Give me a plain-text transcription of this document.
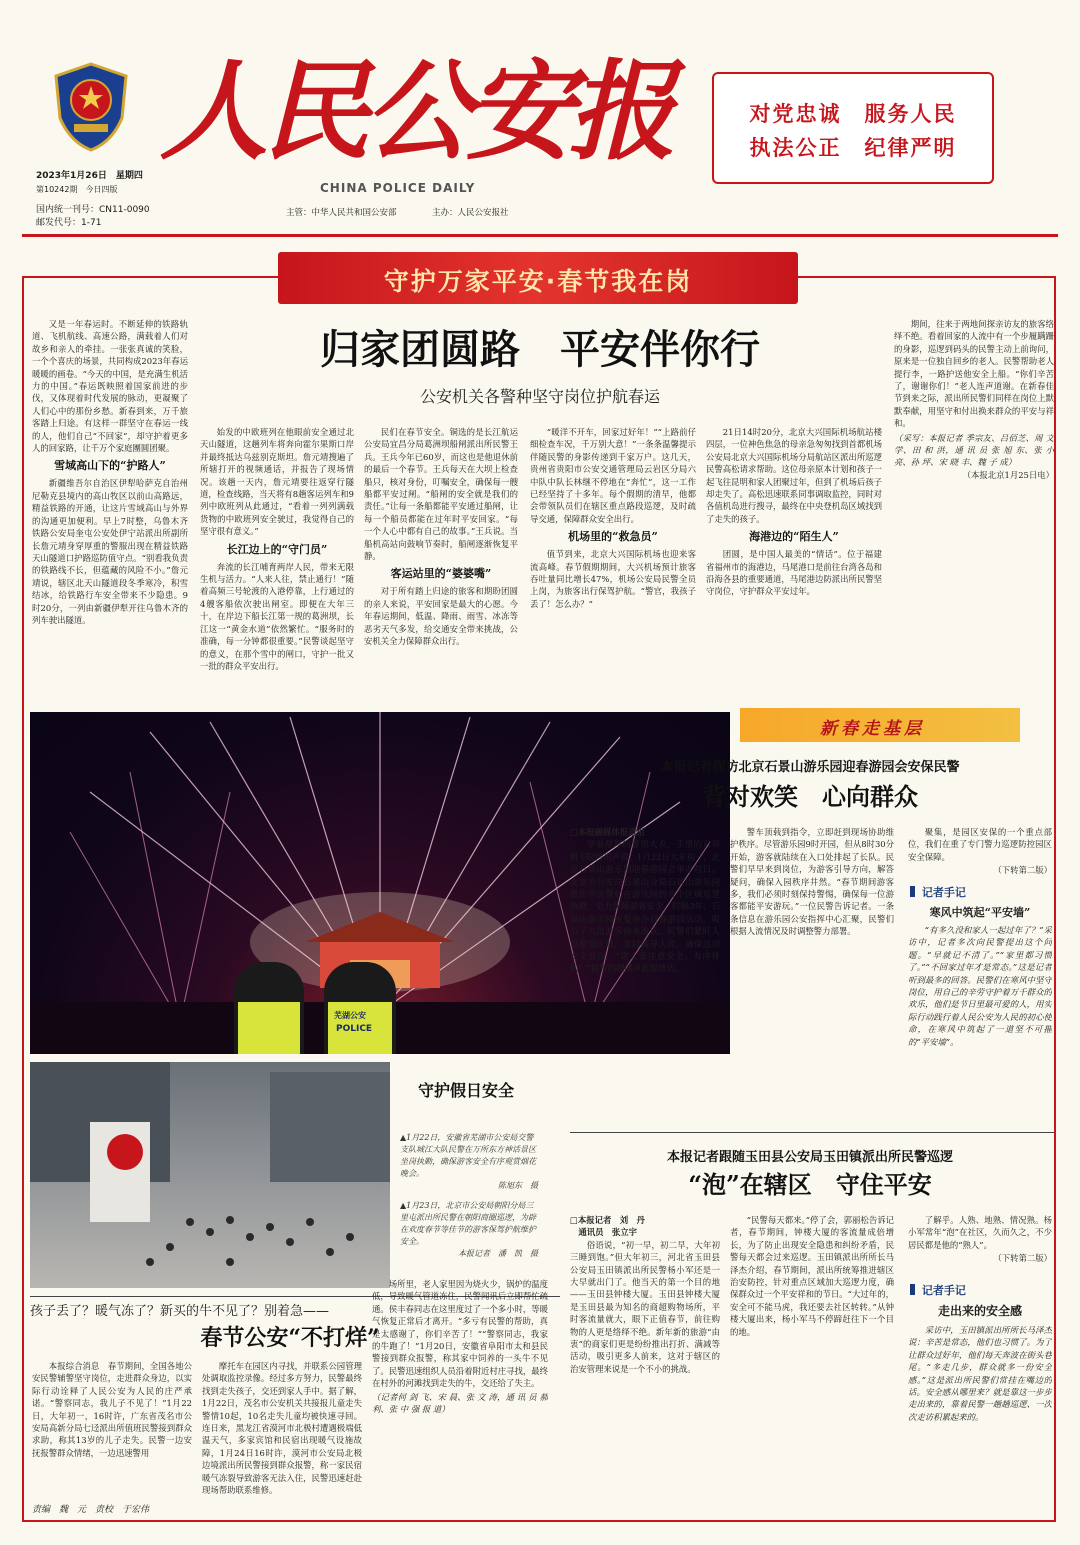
人民公安报
CHINA POLICE DAILY
2023年1月26日　星期四
第10242期　今日四版
国内统一刊号：CN11-0090
邮发代号：1-71
主管：中华人民共和国公安部	主办：人民公安报社
对党忠诚　服务人民
执法公正　纪律严明
守护万家平安·春节我在岗
归家团圆路　平安伴你行
公安机关各警种坚守岗位护航春运

又是一年春运时。不断延伸的铁路轨道、飞机航线、高速公路，满载着人们对故乡和亲人的牵挂。一张张真诚的笑脸，一个个喜庆的场景，共同构成2023年春运暖暖的画卷。“今天的中国，是充满生机活力的中国。”春运既映照着国家前进的步伐，又体现着时代发展的脉动，更凝聚了人们心中的那份乡愁。新春到来，万千旅客踏上归途。有这样一群坚守在春运一线的人，他们自己“不回家”，却守护着更多人的回家路，让千万个家庭團圆团聚。

雪域高山下的“护路人”

新疆维吾尔自治区伊犁哈萨克自治州尼勒克县境内的高山牧区以前山高路远，精益铁路的开通，让这片雪域高山与外界的沟通更加便利。早上7时整，乌鲁木齐铁路公安局奎屯公安处伊宁站派出所副所长詹元靖身穿厚重的警服出现在精益铁路天山隧道口护路巡防值守点。“别看我负责的铁路线不长，但蕴藏的风险不小。”詹元靖说，辖区北天山隧道段冬季寒冷，积雪结冰，给铁路行车安全带来不少隐患。9时20分，一列由新疆伊犁开往乌鲁木齐的列车驶出隧道。

始发的中欧班列在他眼前安全通过北天山隧道，这趟列车将奔向霍尔果斯口岸并最终抵达乌兹别克斯坦。詹元靖搜遍了所辖打开的视频通话，并报告了现场情况。该趟一天内，詹元靖要往返穿行隧道，检查线路，当天将有8趟客运列车和9列中欧班列从此通过，“看着一列列满载货物的中欧班列安全驶过，我觉得自己的坚守很有意义。”

长江边上的“守门员”

奔流的长江哺育两岸人民，带来无限生机与活力。“人来人往，禁止通行！”随着高频三号轮渡的入港停靠，上行通过的4艘客船依次驶出闸室。即便在大年三十，在岸边下船长江第一规的葛洲坝，长江这一“黄金水道”依然繁忙。“服务时的准确，每一分钟都很重要。”民警谈起坚守的意义，在那个雪中的闸口，守护一批又一批的群众平安出行。

民们在春节安全。铜选的是长江航运公安局宜昌分局葛洲坝船闸派出所民警王兵。王兵今年已60岁，而这也是他退休前的最后一个春节。王兵每天在大坝上检查船只，核对身份，叮嘱安全，确保每一艘船都平安过闸。“船闸的安全就是我们的责任。”让每一条船都能平安通过船闸，让每一个船员都能在过年时平安回家。“每一个人心中都有自己的故事。”王兵说。当船机高站向鼓响节奏时，船闸逐渐恢复平静。

客运站里的“婆婆嘴”

对于所有踏上归途的旅客和期盼团圆的亲人来说，平安回家是最大的心愿。今年春运期间，低温、降雨、雨雪、冰冻等恶劣天气多发，给交通安全带来挑战，公安机关全力保障群众出行。

“暖洋不开车，回家过好年！”“上路前仔细检查车况，千万别大意！”一条条温馨提示伴随民警的身影传递到千家万户。这几天，贵州省贵阳市公安交通管理局云岩区分局六中队中队长林继不停地在“奔忙”，这一工作已经坚持了十多年。每个假期的清早，他都会带领队员们在辖区重点路段巡逻，及时疏导交通，保障群众安全出行。

机场里的“救急员”

值节到来，北京大兴国际机场也迎来客流高峰。春节假期期间，大兴机场预计旅客吞吐量同比增长47%，机场公安局民警全员上岗，为旅客出行保驾护航。“警官，我孩子丢了！怎么办？”

21日14时20分，北京大兴国际机场航站楼四层，一位神色焦急的母亲急匆匆找到首都机场公安局北京大兴国际机场分局航站区派出所巡逻民警高松请求帮助。这位母亲原本计划和孩子一起飞往昆明和家人团聚过年，但到了机场后孩子却走失了。高松迅速联系同事调取监控，同时对各值机岛进行搜寻，最终在中央登机岛区域找到了走失的孩子。

海港边的“陌生人”

团圆，是中国人最美的“情话”。位于福建省福州市的海港边，马尾港口是前往台湾各岛和沿海各县的重要通道，马尾港边防派出所民警坚守岗位，守护群众平安过年。

期间，往来于两地间探亲访友的旅客络绎不绝。看着回家的人流中有一个步履蹒跚的身影，巡逻到码头的民警主动上前询问，原来是一位独自回乡的老人。民警帮助老人提行李，一路护送他安全上船。“你们辛苦了，谢谢你们！”老人连声道谢。在新春佳节到来之际，派出所民警们同样在岗位上默默奉献，用坚守和付出换来群众的平安与祥和。

（采写：本报记者 季宗友、吕佰芝、周 文 学、田 和 洪，通 讯 员 张 旭 东、张 小 亮、孙 坪、宋 晓 丰、魏 子 成）
（本报北京1月25日电）
芜湖公安
POLICE
守护假日安全
▲1月22日，安徽省芜湖市公安局交警支队城江大队民警在万所东方神话景区坐岗执勤，确保游客安全有序观赏烟花晚会。
陈旭东　摄
▲1月23日，北京市公安局朝阳分局三里屯派出所民警在朝阳商圈巡逻，为辟在欢度春节等佳节的游客保驾护航维护安全。
本报记者　潘　凯　摄
孩子丢了？暖气冻了？新买的牛不见了？别着急——
春节公安“不打烊”

本报综合消息　春节期间，全国各地公安民警辅警坚守岗位，走进群众身边，以实际行动诠释了人民公安为人民的庄严承诺。“警察同志，我儿子不见了！”1月22日，大年初一，16时许，广东省茂名市公安局高新分局七迳派出所值班民警接到群众求助，称其13岁的儿子走失。民警一边安抚报警群众情绪，一边迅速警用

摩托车在园区内寻找，并联系公园管理处调取监控录像。经过多方努力，民警最终找到走失孩子，交还到家人手中。据了解，1月22日，茂名市公安机关共接报儿童走失警情10起，10名走失儿童均被快速寻回。连日来，黑龙江省漠河市北极村遭遇极端低温天气，多家宾馆和民宿出现暖气设施故障，1月24日16时许，漠河市公安局北极边境派出所民警接到群众报警，称一家民宿暖气冻裂导致游客无法入住，民警迅速赶赴现场帮助联系维修。

场所里，老人家里因为烧火少，锅炉的温度低，导致暖气管道冻住，民警闻讯后立即帮忙疏通。侯丰春同志在这里度过了一个多小时，等暖气恢复正常后才离开。“多亏有民警的帮助，真是太感谢了，你们辛苦了！”“警察同志，我家的牛跑了！”1月20日，安徽省阜阳市太和县民警接到群众报警，称其家中饲养的一头牛不见了。民警迅速组织人员沿着附近村庄寻找，最终在村外的河滩找到走失的牛，交还给了失主。

（记者何 剑 飞、宋 晨、张 文 涛，通 讯 员 郝 利、张 中 强 报 道）
责编　魏　元　责校　于宏伟
新春走基层
本报记者探访北京石景山游乐园迎春游园会安保民警
背对欢笑　心向群众
□本报融媒体报道组

穿着厚厚的警用大衣，手里的对讲机不时传出声音。1月22日大年初一，北京石景山游乐园迎春游园会举办首日，北京市公安局石景山分局石景山游乐园派出所民警们在游乐园的各个区域巡逻执勤，全力保障游客安全。时隔3年，石景山游乐园恢复举办迎春游园活动，吸引了大批游客前来游玩。民警们紧盯人员密集区域，及时疏导人流，确保活动安全有序。“请大家注意安全，有序排队！”民警的提醒声此起彼伏。

警车顶载到指令，立即赶到现场协助维护秩序。尽管游乐园9时开园，但从8时30分开始，游客就陆续在入口处排起了长队。民警们早早来到岗位，为游客引导方向，解答疑问，确保入园秩序井然。“春节期间游客多，我们必须时刻保持警惕，确保每一位游客都能平安游玩。”一位民警告诉记者。一条条信息在游乐园公安指挥中心汇聚，民警们根据人流情况及时调整警力部署。

聚集，是园区安保的一个重点部位，我们在重了专门警力巡逻防控园区安全保障。

（下转第二版）
记者手记
寒风中筑起“平安墙”

“有多久没和家人一起过年了？”采访中，记者多次向民警提出这个问题。“早就记不清了。”“家里都习惯了。”“不回家过年才是常态。”这是记者听到最多的回答。民警们在寒风中坚守岗位，用自己的辛劳守护着万千群众的欢乐，他们是节日里最可爱的人，用实际行动践行着人民公安为人民的初心使命，在寒风中筑起了一道坚不可摧的“平安墙”。

本报记者跟随玉田县公安局玉田镇派出所民警巡逻
“泡”在辖区　守住平安
□本报记者　刘　丹
　通讯员　张立宇

俗语说，“初一早，初二早，大年初三睡到饱。”但大年初三，河北省玉田县公安局玉田镇派出所民警杨小军还是一大早就出门了。他当天的第一个目的地——玉田县钟楼大厦。玉田县钟楼大厦是玉田县最为知名的商超购物场所，平时客流量就大，眼下正值春节，前往购物的人更是络绎不绝。新年新的旅游“由衷”的商家们更是纷纷推出打折、满减等活动，吸引更多人前来，这对于辖区的治安管理来说是一个不小的挑战。

“民警每天都来。”停了会，郭丽松告诉记者，春节期间，钟楼大厦的客流量成倍增长，为了防止出现安全隐患和纠纷矛盾，民警每天都会过来巡逻。玉田镇派出所所长马泽杰介绍，春节期间，派出所统筹推进辖区治安防控，针对重点区域加大巡逻力度，确保群众过一个平安祥和的节日。“大过年的，安全可不能马虎，我还要去社区转转。”从钟楼大厦出来，杨小军马不停蹄赶往下一个目的地。

了解乎。人熟、地熟、情况熟。杨小军常年“泡”在社区，久而久之，不少居民都是他的“熟人”。

（下转第二版）
记者手记
走出来的安全感

采访中，玉田镇派出所所长马泽杰说：辛苦是常态，他们也习惯了。为了让群众过好年，他们每天奔波在街头巷尾。“多走几步，群众就多一份安全感。”这是派出所民警们常挂在嘴边的话。安全感从哪里来？就是靠这一步步走出来的，靠着民警一趟趟巡逻、一次次走访积累起来的。
